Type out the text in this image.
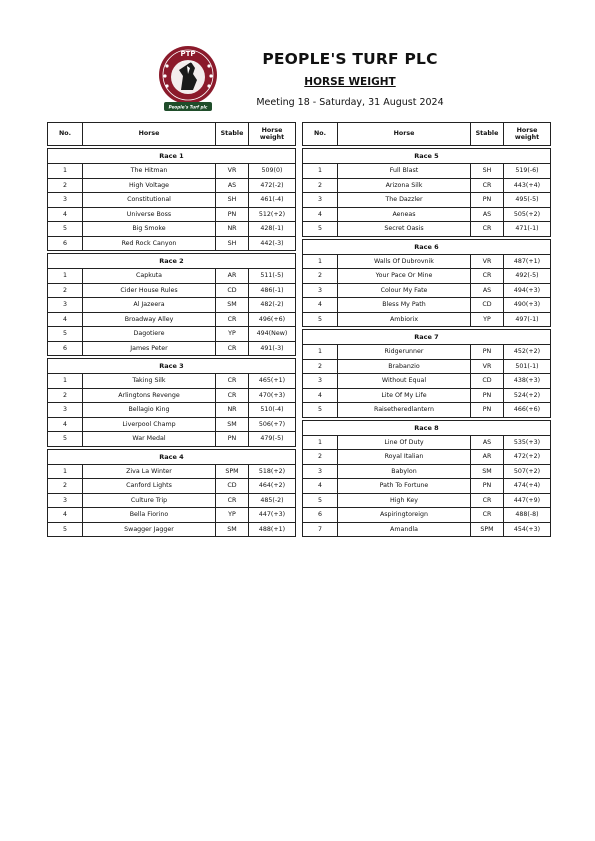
PTP
EST 2023
People's Turf plc
PEOPLE'S TURF PLC
HORSE WEIGHT
Meeting 18 - Saturday, 31 August 2024
No.	Horse	Stable	Horse weight

Race 1			
1	The Hitman	VR	509(0)
2	High Voltage	AS	472(-2)
3	Constitutional	SH	461(-4)
4	Universe Boss	PN	512(+2)
5	Big Smoke	NR	428(-1)
6	Red Rock Canyon	SH	442(-3)

Race 2			
1	Capkuta	AR	511(-5)
2	Cider House Rules	CD	486(-1)
3	Al Jazeera	SM	482(-2)
4	Broadway Alley	CR	496(+6)
5	Dagotiere	YP	494(New)
6	James Peter	CR	491(-3)

Race 3			
1	Taking Silk	CR	465(+1)
2	Arlingtons Revenge	CR	470(+3)
3	Bellagio King	NR	510(-4)
4	Liverpool Champ	SM	506(+7)
5	War Medal	PN	479(-5)

Race 4			
1	Ziva La Winter	SPM	518(+2)
2	Canford Lights	CD	464(+2)
3	Culture Trip	CR	485(-2)
4	Bella Fiorino	YP	447(+3)
5	Swagger Jagger	SM	488(+1)
No.	Horse	Stable	Horse weight

Race 5			
1	Full Blast	SH	519(-6)
2	Arizona Silk	CR	443(+4)
3	The Dazzler	PN	495(-5)
4	Aeneas	AS	505(+2)
5	Secret Oasis	CR	471(-1)

Race 6			
1	Walls Of Dubrovnik	VR	487(+1)
2	Your Pace Or Mine	CR	492(-5)
3	Colour My Fate	AS	494(+3)
4	Bless My Path	CD	490(+3)
5	Ambiorix	YP	497(-1)

Race 7			
1	Ridgerunner	PN	452(+2)
2	Brabanzio	VR	501(-1)
3	Without Equal	CD	438(+3)
4	Lite Of My Life	PN	524(+2)
5	Raisetheredlantern	PN	466(+6)

Race 8			
1	Line Of Duty	AS	535(+3)
2	Royal Italian	AR	472(+2)
3	Babylon	SM	507(+2)
4	Path To Fortune	PN	474(+4)
5	High Key	CR	447(+9)
6	Aspiringtoreign	CR	488(-8)
7	Amandla	SPM	454(+3)
